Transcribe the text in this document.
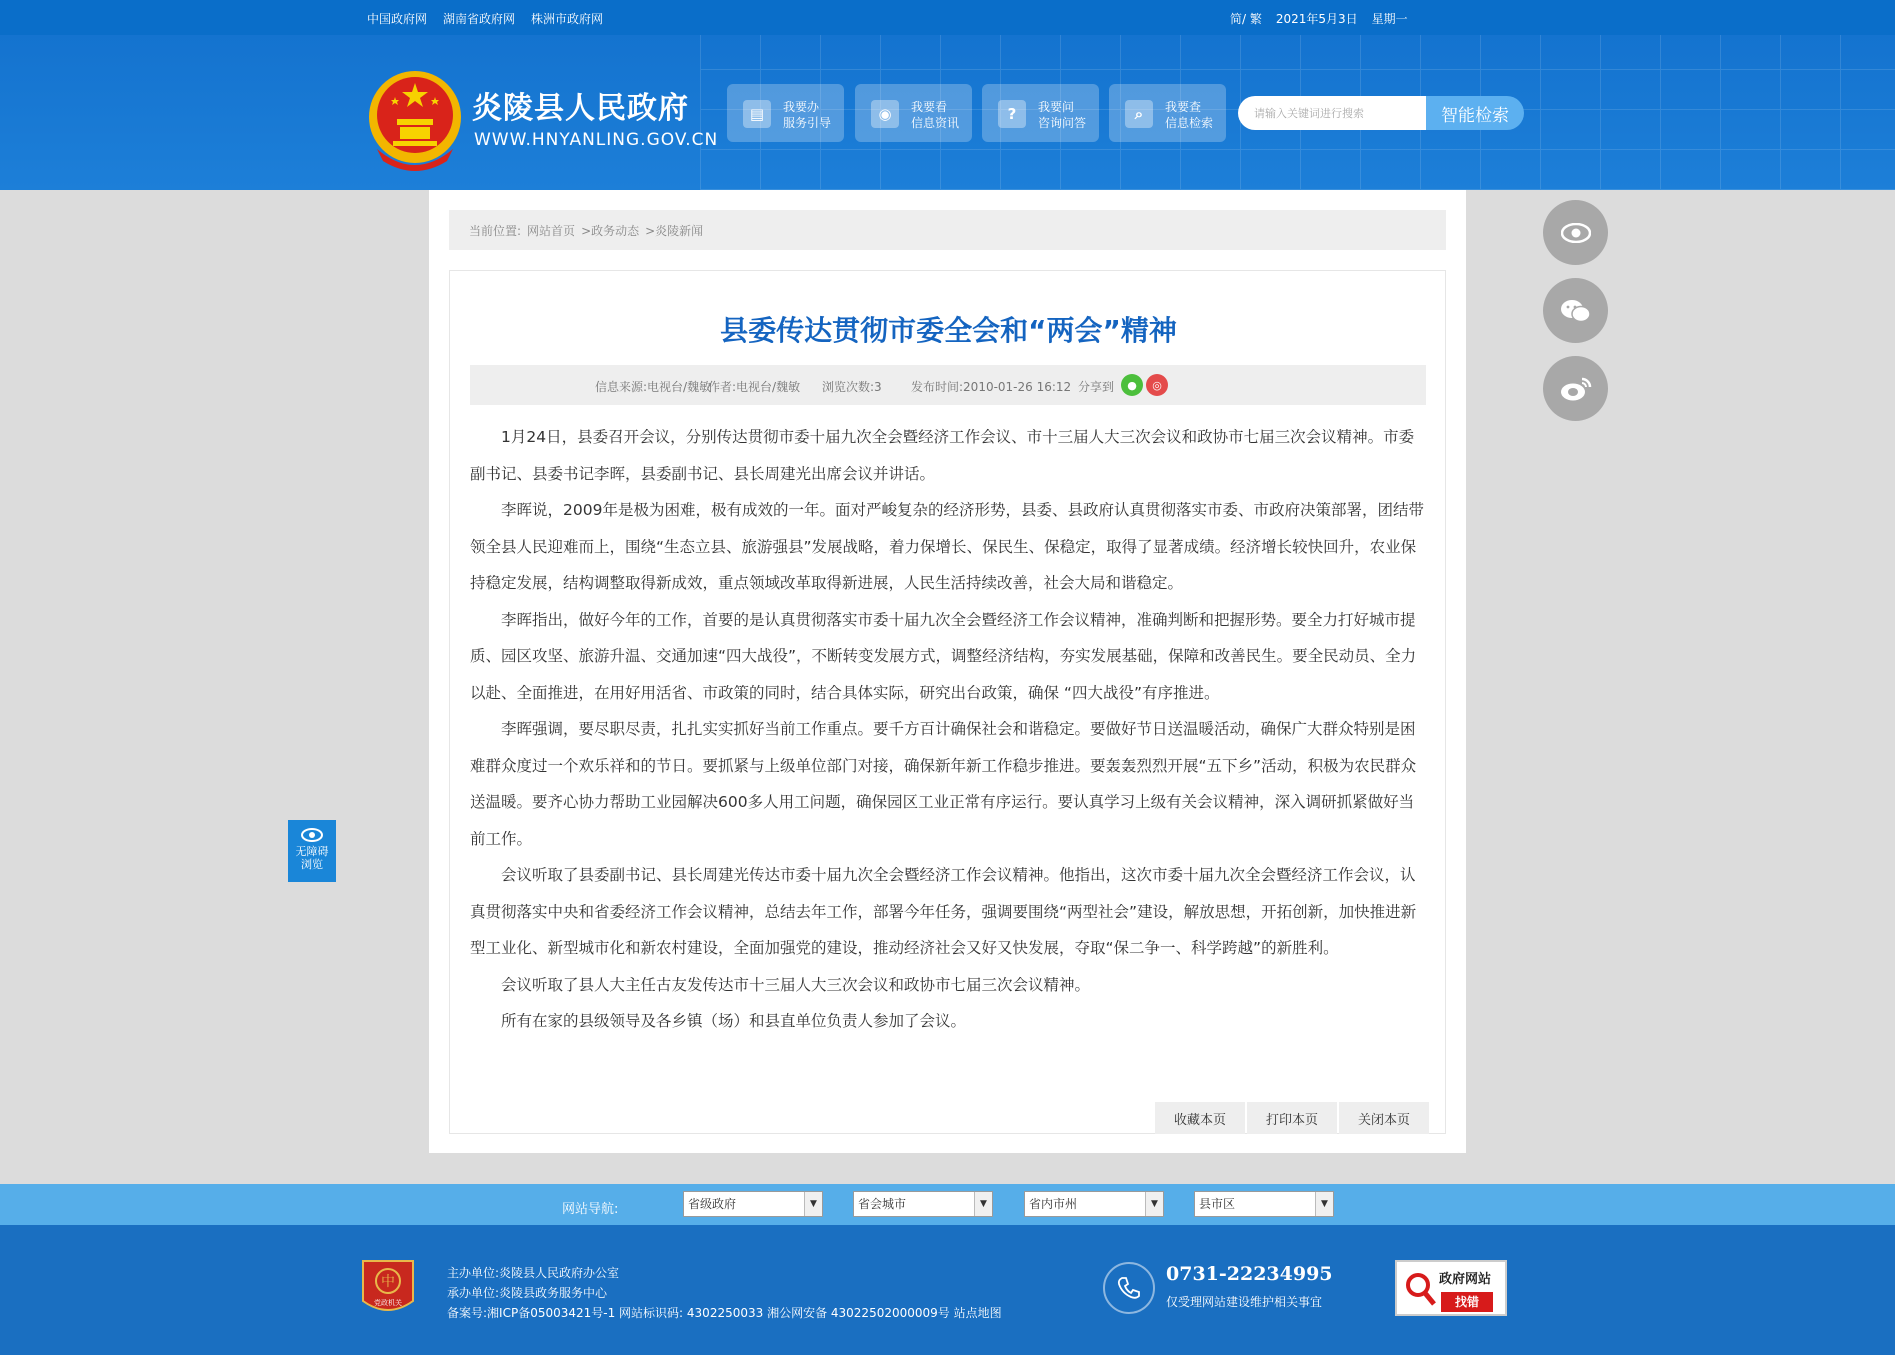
中国政府网 湖南省政府网 株洲市政府网	简/ 繁 2021年5月3日 星期一
炎陵县人民政府
WWW.HNYANLING.GOV.CN
▤	我要办
服务引导	◉	我要看
信息资讯	?	我要问
咨询问答	⌕	我要查
信息检索
请输入关键词进行搜索	智能检索
当前位置: 网站首页 >政务动态 >炎陵新闻
县委传达贯彻市委全会和“两会”精神
信息来源:电视台/魏敏
作者:电视台/魏敏 浏览次数:3 发布时间:2010-01-26 16:12 分享到	●	◎

1月24日，县委召开会议，分别传达贯彻市委十届九次全会暨经济工作会议、市十三届人大三次会议和政协市七届三次会议精神。市委副书记、县委书记李晖，县委副书记、县长周建光出席会议并讲话。

李晖说，2009年是极为困难，极有成效的一年。面对严峻复杂的经济形势，县委、县政府认真贯彻落实市委、市政府决策部署，团结带领全县人民迎难而上，围绕“生态立县、旅游强县”发展战略，着力保增长、保民生、保稳定，取得了显著成绩。经济增长较快回升，农业保持稳定发展，结构调整取得新成效，重点领域改革取得新进展，人民生活持续改善，社会大局和谐稳定。

李晖指出，做好今年的工作，首要的是认真贯彻落实市委十届九次全会暨经济工作会议精神，准确判断和把握形势。要全力打好城市提质、园区攻坚、旅游升温、交通加速“四大战役”，不断转变发展方式，调整经济结构，夯实发展基础，保障和改善民生。要全民动员、全力以赴、全面推进，在用好用活省、市政策的同时，结合具体实际，研究出台政策，确保 “四大战役”有序推进。

李晖强调，要尽职尽责，扎扎实实抓好当前工作重点。要千方百计确保社会和谐稳定。要做好节日送温暖活动，确保广大群众特别是困难群众度过一个欢乐祥和的节日。要抓紧与上级单位部门对接，确保新年新工作稳步推进。要轰轰烈烈开展“五下乡”活动，积极为农民群众送温暖。要齐心协力帮助工业园解决600多人用工问题，确保园区工业正常有序运行。要认真学习上级有关会议精神，深入调研抓紧做好当前工作。

会议听取了县委副书记、县长周建光传达市委十届九次全会暨经济工作会议精神。他指出，这次市委十届九次全会暨经济工作会议，认真贯彻落实中央和省委经济工作会议精神，总结去年工作，部署今年任务，强调要围绕“两型社会”建设，解放思想，开拓创新，加快推进新型工业化、新型城市化和新农村建设，全面加强党的建设，推动经济社会又好又快发展，夺取“保二争一、科学跨越”的新胜利。

会议听取了县人大主任古友发传达市十三届人大三次会议和政协市七届三次会议精神。

所有在家的县级领导及各乡镇（场）和县直单位负责人参加了会议。

收藏本页	打印本页	关闭本页
无障碍
浏览
网站导航:	省级政府	▼	省会城市	▼	省内市州	▼	县市区	▼
中
党政机关
主办单位:炎陵县人民政府办公室
承办单位:炎陵县政务服务中心
备案号:湘ICP备05003421号-1 网站标识码: 4302250033 湘公网安备 43022502000009号 站点地图
0731-22234995
仅受理网站建设维护相关事宜
政府网站
找错
